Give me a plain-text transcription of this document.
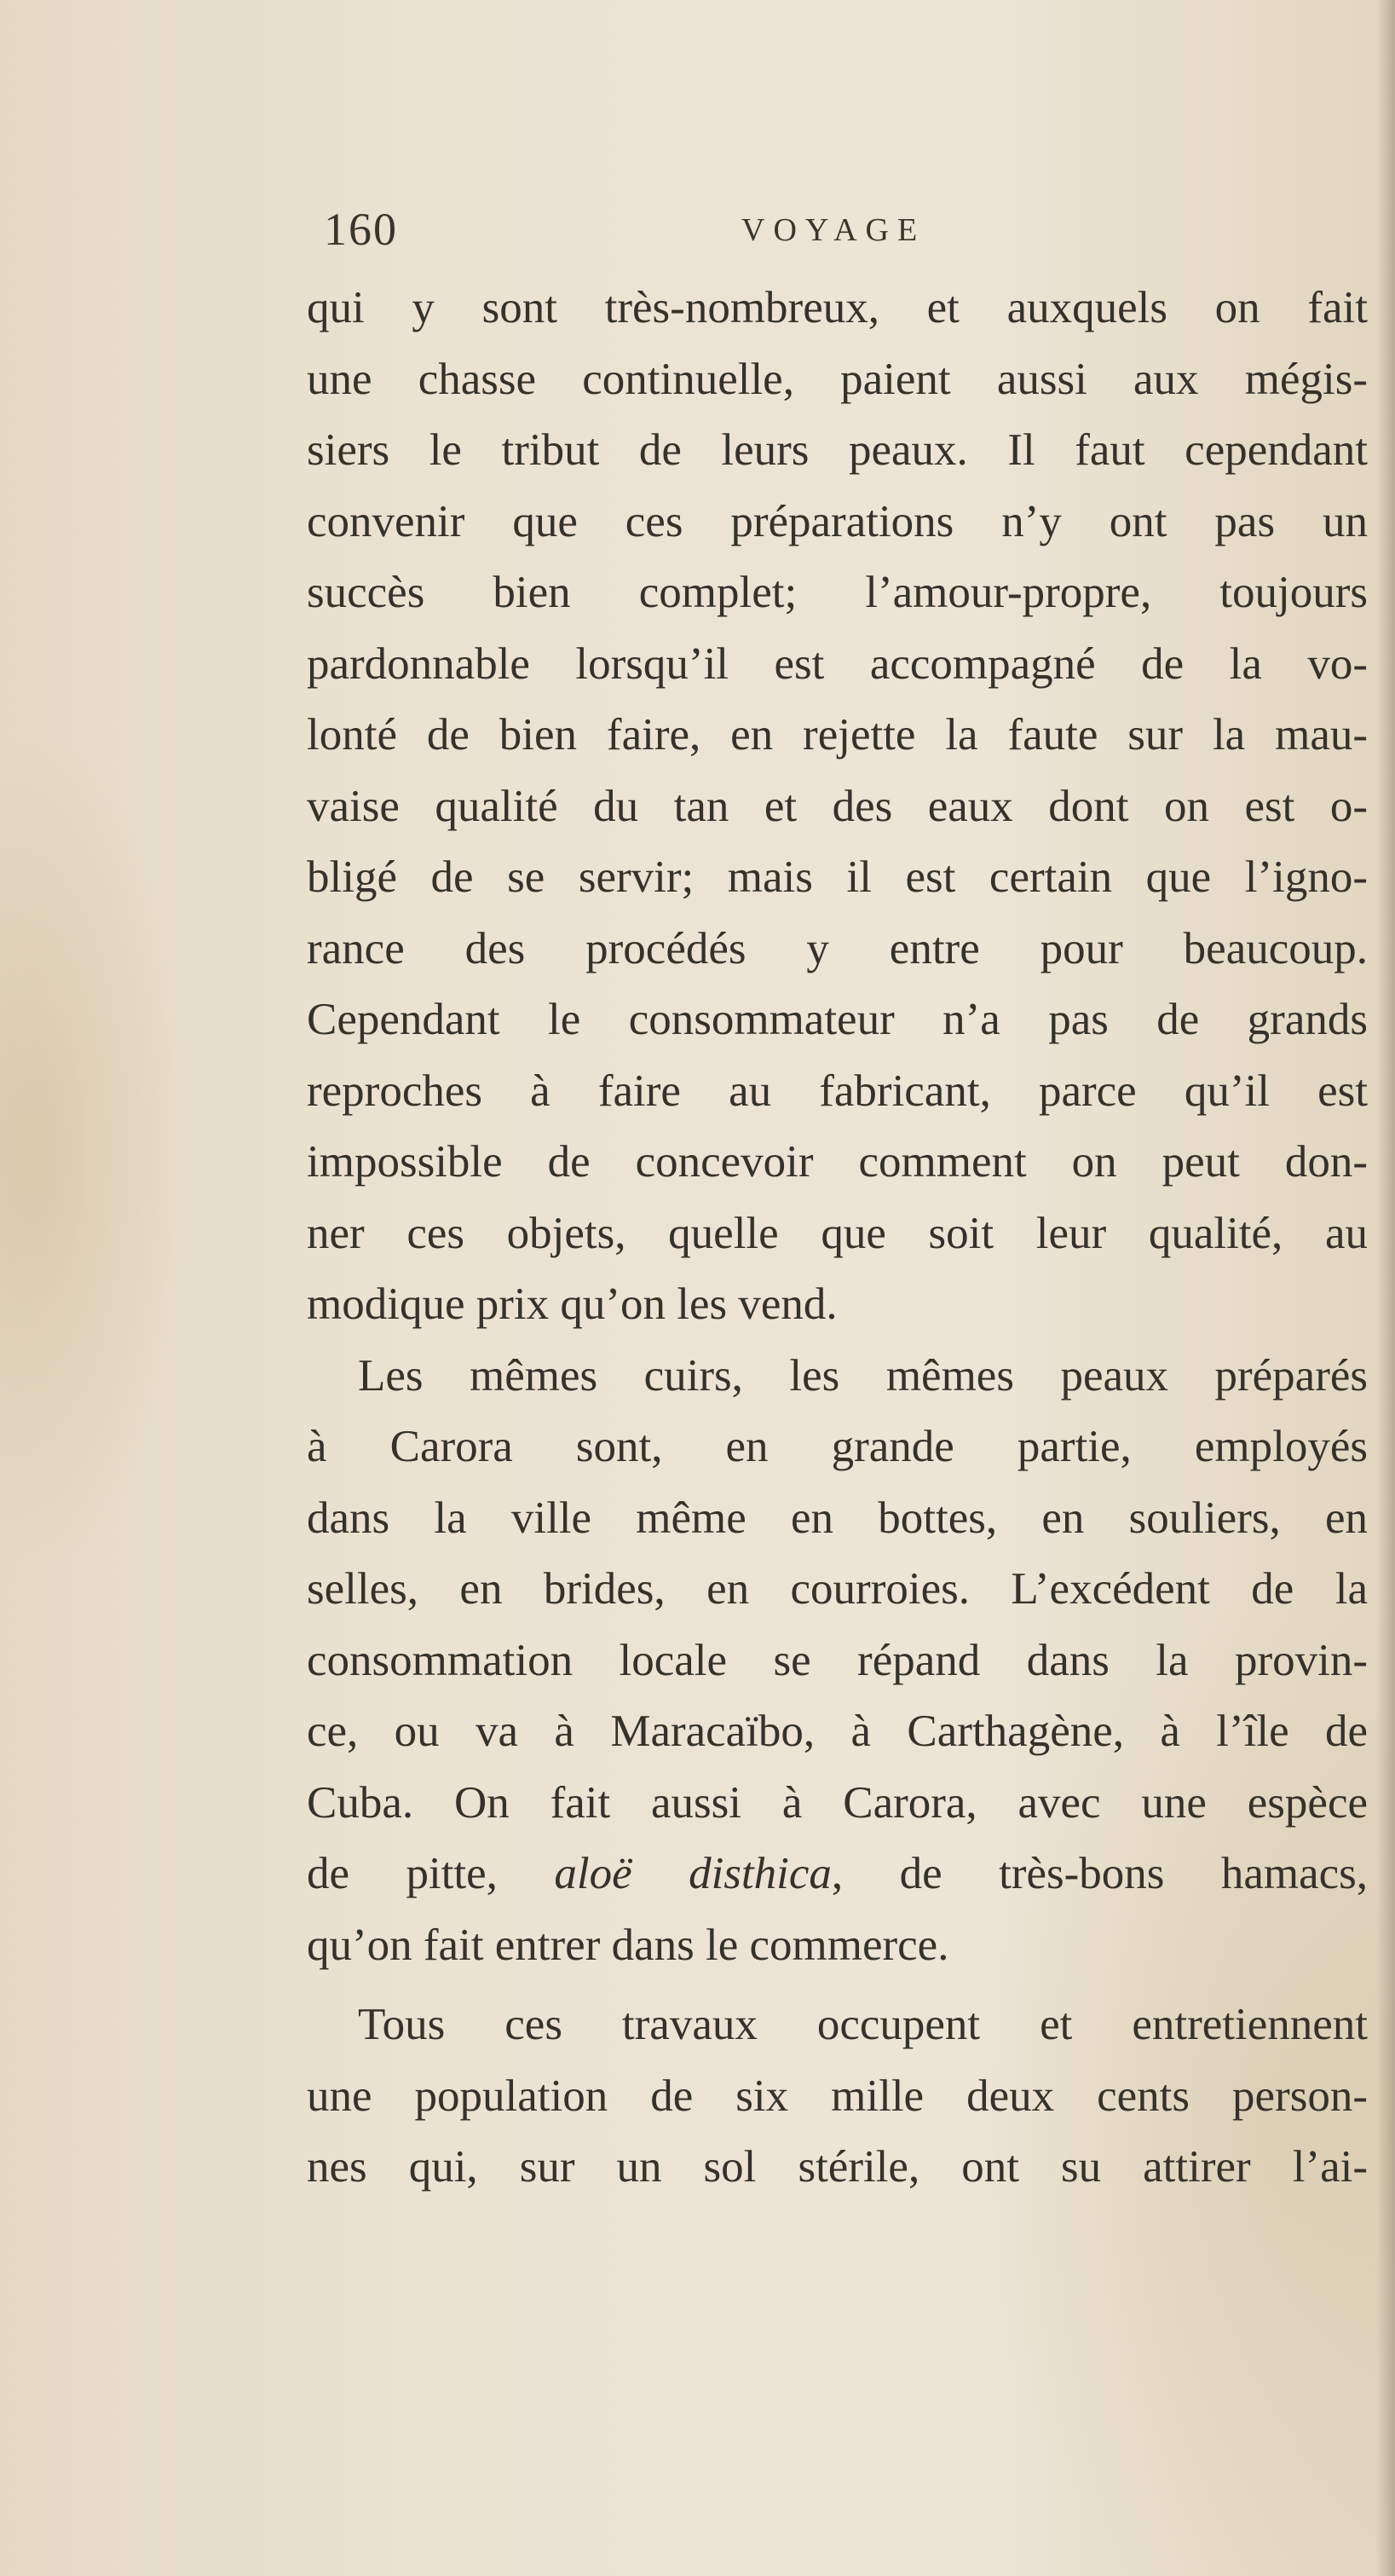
160	VOYAGE
qui y sont très-nombreux, et auxquels on fait
une chasse continuelle, paient aussi aux mégis-
siers le tribut de leurs peaux. Il faut cependant
convenir que ces préparations n’y ont pas un
succès bien complet; l’amour-propre, toujours
pardonnable lorsqu’il est accompagné de la vo-
lonté de bien faire, en rejette la faute sur la mau-
vaise qualité du tan et des eaux dont on est o-
bligé de se servir; mais il est certain que l’igno-
rance des procédés y entre pour beaucoup.
Cependant le consommateur n’a pas de grands
reproches à faire au fabricant, parce qu’il est
impossible de concevoir comment on peut don-
ner ces objets, quelle que soit leur qualité, au
modique prix qu’on les vend.
Les mêmes cuirs, les mêmes peaux préparés
à Carora sont, en grande partie, employés
dans la ville même en bottes, en souliers, en
selles, en brides, en courroies. L’excédent de la
consommation locale se répand dans la provin-
ce, ou va à Maracaïbo, à Carthagène, à l’île de
Cuba. On fait aussi à Carora, avec une espèce
de pitte, aloë disthica, de très-bons hamacs,
qu’on fait entrer dans le commerce.
Tous ces travaux occupent et entretiennent
une population de six mille deux cents person-
nes qui, sur un sol stérile, ont su attirer l’ai-
